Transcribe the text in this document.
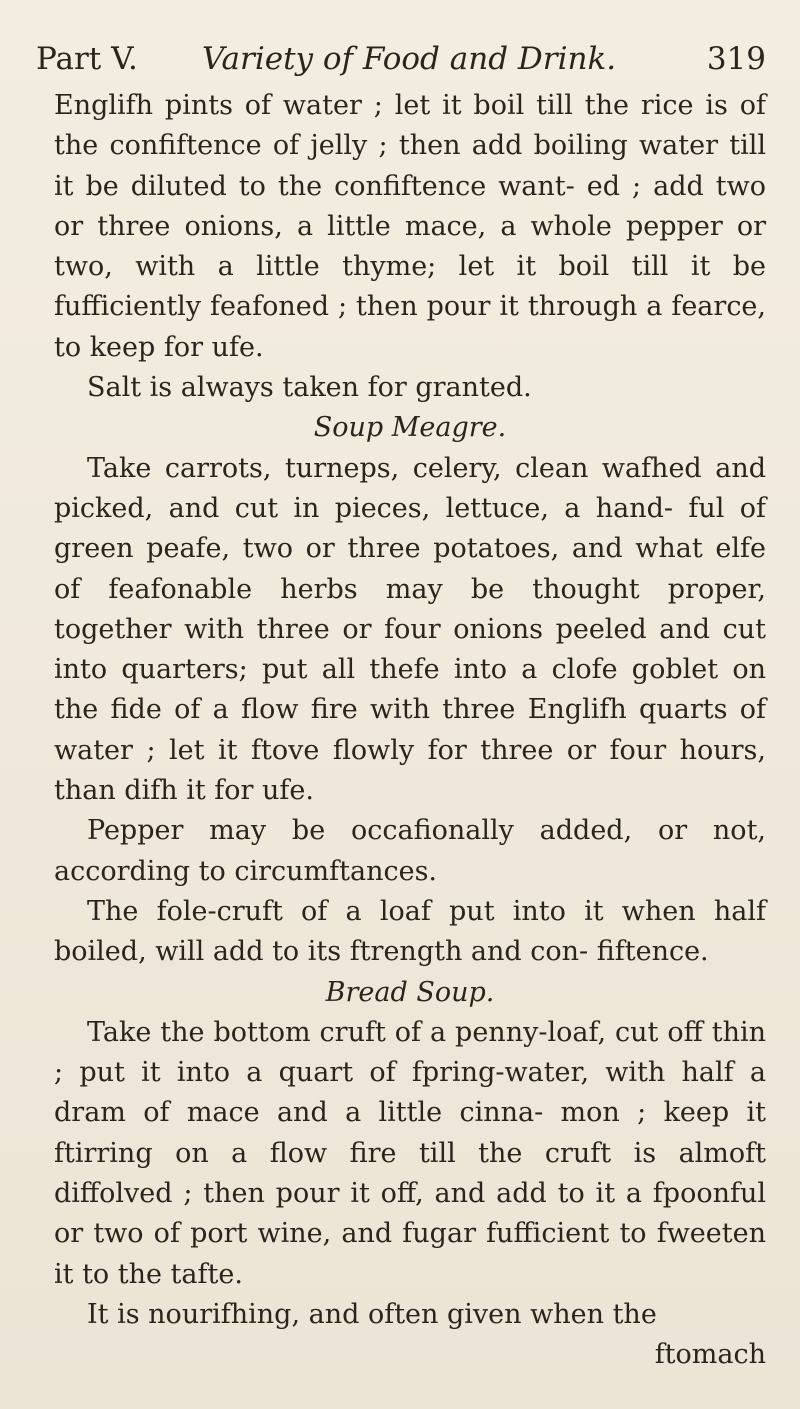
Part V. Variety of Food and Drink.	319

Englifh pints of water ; let it boil till the rice is of the confiftence of jelly ; then add boiling water till it be diluted to the confiftence want- ed ; add two or three onions, a little mace, a whole pepper or two, with a little thyme; let it boil till it be fufficiently feafoned ; then pour it through a fearce, to keep for ufe.

Salt is always taken for granted.

Soup Meagre.

Take carrots, turneps, celery, clean wafhed and picked, and cut in pieces, lettuce, a hand- ful of green peafe, two or three potatoes, and what elfe of feafonable herbs may be thought proper, together with three or four onions peeled and cut into quarters; put all thefe into a clofe goblet on the fide of a flow fire with three Englifh quarts of water ; let it ftove flowly for three or four hours, than difh it for ufe.

Pepper may be occafionally added, or not, according to circumftances.

The fole-cruft of a loaf put into it when half boiled, will add to its ftrength and con- fiftence.

Bread Soup.

Take the bottom cruft of a penny-loaf, cut off thin ; put it into a quart of fpring-water, with half a dram of mace and a little cinna- mon ; keep it ftirring on a flow fire till the cruft is almoft diffolved ; then pour it off, and add to it a fpoonful or two of port wine, and fugar fufficient to fweeten it to the tafte.

It is nourifhing, and often given when the

ftomach
